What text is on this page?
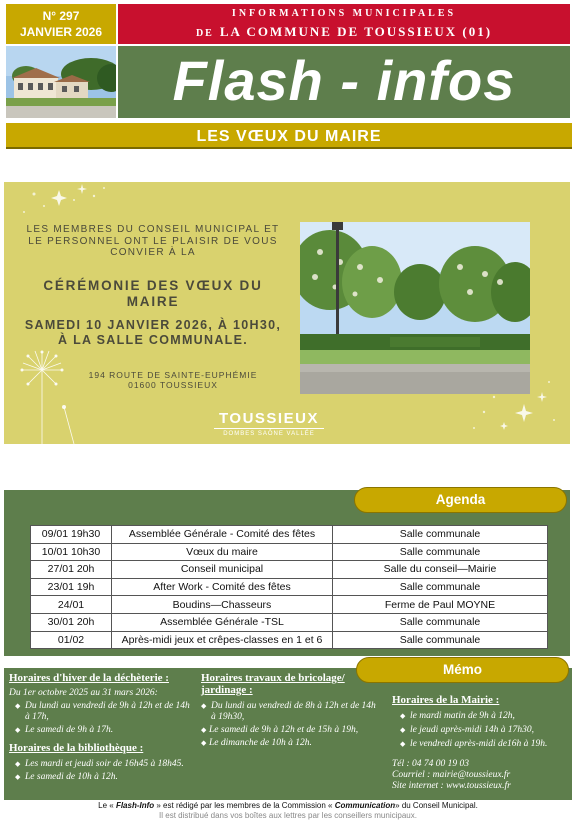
N° 297
JANVIER 2026
INFORMATIONS MUNICIPALES
DE LA COMMUNE DE TOUSSIEUX (01)
Flash - infos
LES VŒUX DU MAIRE
LES MEMBRES DU CONSEIL MUNICIPAL ET LE PERSONNEL ONT LE PLAISIR DE VOUS CONVIER À LA
CÉRÉMONIE DES VŒUX DU MAIRE
SAMEDI 10 JANVIER 2026, À 10H30, À LA SALLE COMMUNALE.
194 ROUTE DE SAINTE-EUPHÉMIE
01600 TOUSSIEUX
TOUSSIEUX
DOMBES SAÔNE VALLÉE
Agenda
09/01 19h30	Assemblée Générale - Comité des fêtes	Salle communale
10/01 10h30	Vœux du maire	Salle communale
27/01 20h	Conseil municipal	Salle du conseil—Mairie
23/01 19h	After Work - Comité des fêtes	Salle communale
24/01	Boudins—Chasseurs	Ferme de Paul MOYNE
30/01 20h	Assemblée Générale -TSL	Salle communale
01/02	Après-midi jeux et crêpes-classes en 1 et 6	Salle communale
Mémo
Horaires d'hiver de la déchèterie :
Du 1er octobre 2025 au 31 mars 2026:
◆ Du lundi au vendredi de 9h à 12h et de 14h à 17h,
◆ Le samedi de 9h à 17h.
Horaires de la bibliothèque :
◆ Les mardi et jeudi soir de 16h45 à 18h45.
◆ Le samedi de 10h à 12h.
Horaires travaux de bricolage/ jardinage :
◆ Du lundi au vendredi de 8h à 12h et de 14h à 19h30,
◆ Le samedi de 9h à 12h et de 15h à 19h,
◆ Le dimanche de 10h à 12h.
Horaires de la Mairie :
◆ le mardi matin de 9h à 12h,
◆ le jeudi après-midi 14h à 17h30,
◆ le vendredi après-midi de16h à 19h.
Tél : 04 74 00 19 03
Courriel : mairie@toussieux.fr
Site internet : www.toussieux.fr
Le « Flash-Info » est rédigé par les membres de la Commission « Communication» du Conseil Municipal.
Il est distribué dans vos boîtes aux lettres par les conseillers municipaux.
